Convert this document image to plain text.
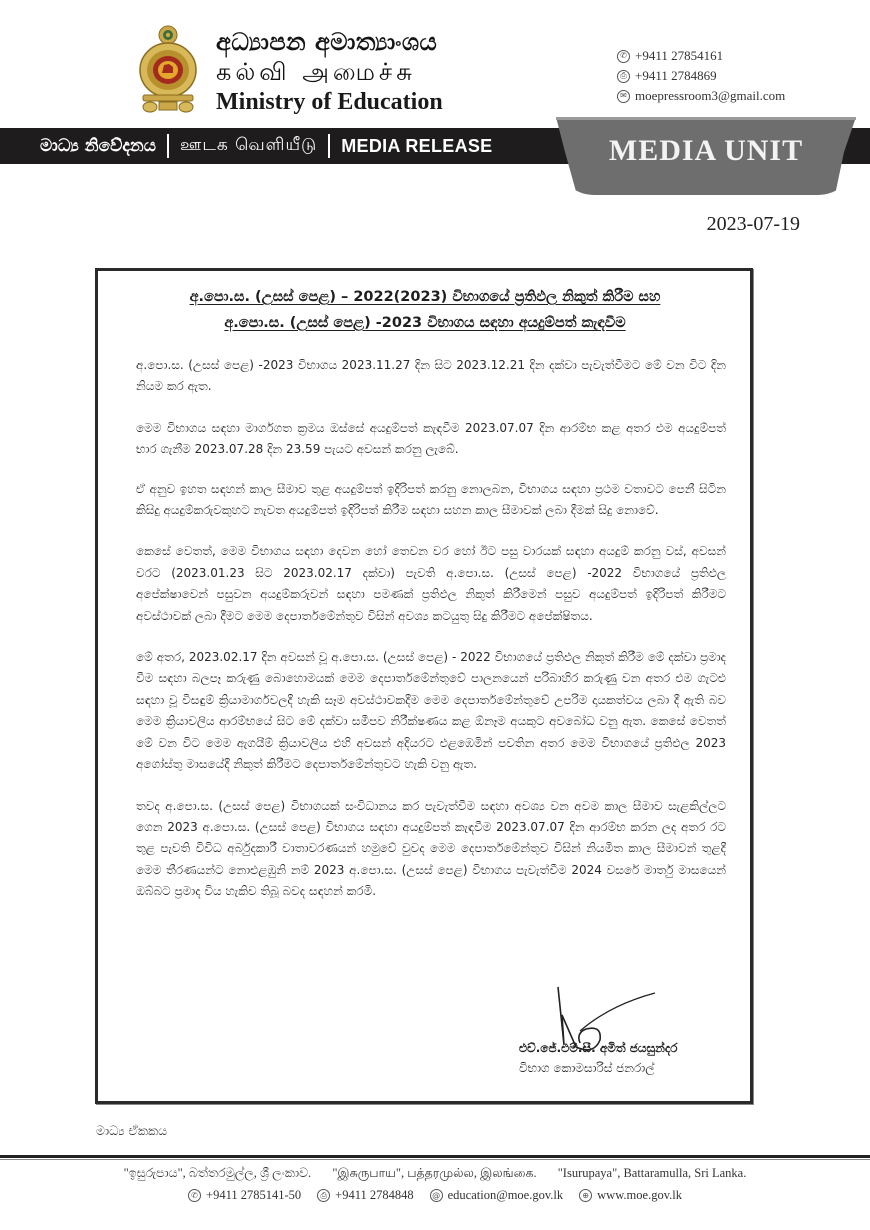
අධ්‍යාපන අමාත්‍යාංශය
கல்வி அமைச்சு
Ministry of Education
✆ +9411 27854161
⎙ +9411 2784869
✉ moepressroom3@gmail.com
මාධ්‍ය නිවේදනය ஊடக வெளியீடு MEDIA RELEASE	MEDIA UNIT
2023-07-19
අ.පො.ස. (උසස් පෙළ) – 2022(2023) විභාගයේ ප්‍රතිඵල නිකුත් කිරීම සහ
අ.පො.ස. (උසස් පෙළ) -2023 විභාගය සඳහා අයදුම්පත් කැඳවීම

අ.පො.ස. (උසස් පෙළ) -2023 විභාගය 2023.11.27 දින සිට 2023.12.21 දින දක්වා පැවැත්වීමට මේ වන විට දින නියම කර ඇත.

මෙම විභාගය සඳහා මාර්ගගත ක්‍රමය ඔස්සේ අයදුම්පත් කැඳවීම 2023.07.07 දින ආරම්භ කළ අතර එම අයදුම්පත් භාර ගැනීම 2023.07.28 දින 23.59 පැයට අවසන් කරනු ලැබේ.

ඒ අනුව ඉහත සඳහන් කාල සීමාව තුළ අයදුම්පත් ඉදිරිපත් කරනු නොලබන, විභාගය සඳහා ප්‍රථම වතාවට පෙනී සිටින කිසිදු අයදුම්කරුවකුහට නැවත අයදුම්පත් ඉදිරිපත් කිරීම සඳහා සහන කාල සීමාවක් ලබා දීමක් සිදු නොවේ.

කෙසේ වෙතත්, මෙම විභාගය සඳහා දෙවන හෝ තෙවන වර හෝ ඊට පසු වාරයක් සඳහා අයදුම් කරනු වස්, අවසන් වරට (2023.01.23 සිට 2023.02.17 දක්වා) පැවති අ.පො.ස. (උසස් පෙළ) -2022 විභාගයේ ප්‍රතිඵල අපේක්ෂාවෙන් පසුවන අයදුම්කරුවන් සඳහා පමණක් ප්‍රතිඵල නිකුත් කිරීමෙන් පසුව අයදුම්පත් ඉදිරිපත් කිරීමට අවස්ථාවක් ලබා දීමට මෙම දෙපාර්තමේන්තුව විසින් අවශ්‍ය කටයුතු සිදු කිරීමට අපේක්ෂිතය.

මේ අතර, 2023.02.17 දින අවසන් වූ අ.පො.ස. (උසස් පෙළ) - 2022 විභාගයේ ප්‍රතිඵල නිකුත් කිරීම මේ දක්වා ප්‍රමාද වීම සඳහා බලපෑ කරුණු බොහොමයක් මෙම දෙපාර්තමේන්තුවේ පාලනයෙන් පරිබාහිර කරුණු වන අතර එම ගැටළු සඳහා වූ විසඳුම් ක්‍රියාමාර්ගවලදී හැකි සෑම අවස්ථාවකදීම මෙම දෙපාර්තමේන්තුවේ උපරිම දායකත්වය ලබා දී ඇති බව මෙම ක්‍රියාවලිය ආරම්භයේ සිට මේ දක්වා සමීපව නිරීක්ෂණය කළ ඕනෑම අයකුට අවබෝධ වනු ඇත. කෙසේ වෙතත් මේ වන විට මෙම ඇගයීම් ක්‍රියාවලිය එහි අවසන් අදියරට එළඹෙමින් පවතින අතර මෙම විභාගයේ ප්‍රතිඵල 2023 අගෝස්තු මාසයේදී නිකුත් කිරීමට දෙපාර්තමේන්තුවට හැකි වනු ඇත.

තවද අ.පො.ස. (උසස් පෙළ) විභාගයක් සංවිධානය කර පැවැත්වීම සඳහා අවශ්‍ය වන අවම කාල සීමාව සැළකිල්ලට ගෙන 2023 අ.පො.ස. (උසස් පෙළ) විභාගය සඳහා අයදුම්පත් කැඳවීම 2023.07.07 දින ආරම්භ කරන ලද අතර රට තුළ පැවති විවිධ අර්බුදකාරී වාතාවරණයන් හමුවේ වුවද මෙම දෙපාර්තමේන්තුව විසින් නියමිත කාල සීමාවන් තුළදී මෙම තීරණයන්ට නොඑළඹුනි නම් 2023 අ.පො.ස. (උසස් පෙළ) විභාගය පැවැත්වීම 2024 වසරේ මාර්තු මාසයෙන් ඔබ්බට ප්‍රමාද විය හැකිව තිබූ බවද සඳහන් කරමි.

එච්.ජේ.එම්.සී. අමිත් ජයසුන්දර
විභාග කොමසාරිස් ජනරාල්
මාධ්‍ය ඒකකය
"ඉසුරුපාය", බත්තරමුල්ල, ශ්‍රී ලංකාව. "இசுருபாய", பத்தரமுல்ல, இலங்கை. "Isurupaya", Battaramulla, Sri Lanka.
✆ +9411 2785141-50	⎙ +9411 2784848	@ education@moe.gov.lk	⊕ www.moe.gov.lk
